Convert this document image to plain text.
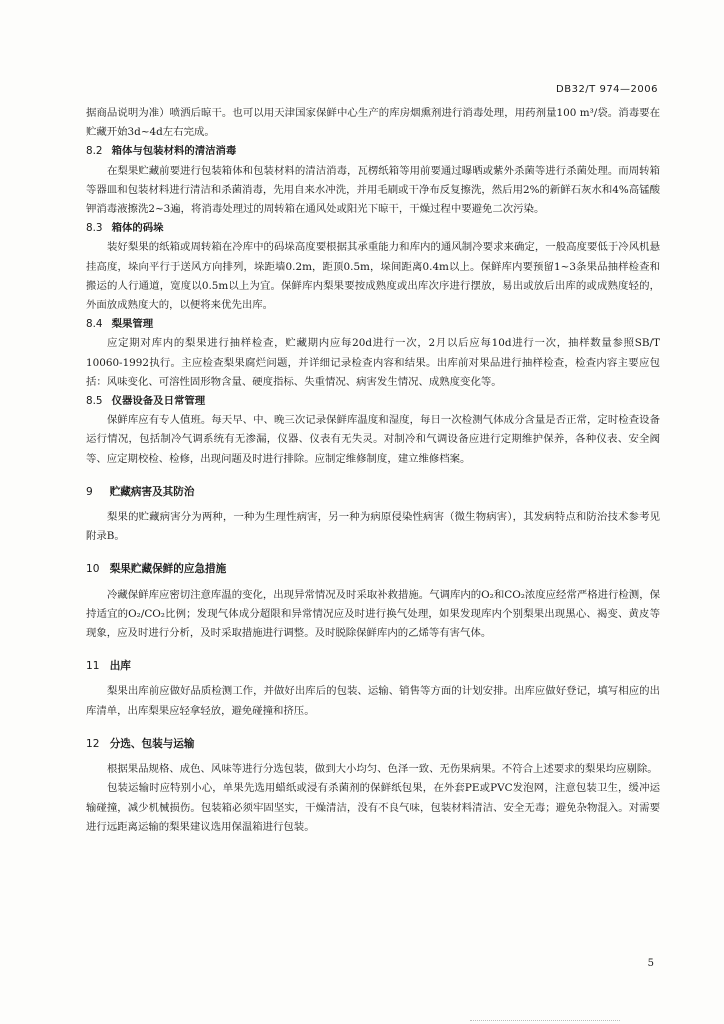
DB32/T 974—2006

据商品说明为准）喷洒后晾干。也可以用天津国家保鲜中心生产的库房烟熏剂进行消毒处理，用药剂量100 m³/袋。消毒要在贮藏开始3d~4d左右完成。

8.2 箱体与包装材料的清洁消毒

在梨果贮藏前要进行包装箱体和包装材料的清洁消毒，瓦楞纸箱等用前要通过曝晒或紫外杀菌等进行杀菌处理。而周转箱等器皿和包装材料进行清洁和杀菌消毒，先用自来水冲洗，并用毛刷或干净布反复擦洗，然后用2%的新鲜石灰水和4%高锰酸钾消毒液擦洗2~3遍，将消毒处理过的周转箱在通风处或阳光下晾干，干燥过程中要避免二次污染。

8.3 箱体的码垛

装好梨果的纸箱或周转箱在冷库中的码垛高度要根据其承重能力和库内的通风制冷要求来确定，一般高度要低于冷风机悬挂高度，垛向平行于送风方向排列，垛距墙0.2m，距顶0.5m，垛间距离0.4m以上。保鲜库内要预留1~3条果品抽样检查和搬运的人行通道，宽度以0.5m以上为宜。保鲜库内梨果要按成熟度或出库次序进行摆放，易出或放后出库的或成熟度轻的，外面放成熟度大的，以便将来优先出库。

8.4 梨果管理

应定期对库内的梨果进行抽样检查，贮藏期内应每20d进行一次，2月以后应每10d进行一次，抽样数量参照SB/T 10060-1992执行。主应检查梨果腐烂问题，并详细记录检查内容和结果。出库前对果品进行抽样检查，检查内容主要应包括：风味变化、可溶性固形物含量、硬度指标、失重情况、病害发生情况、成熟度变化等。

8.5 仪器设备及日常管理

保鲜库应有专人值班。每天早、中、晚三次记录保鲜库温度和湿度，每日一次检测气体成分含量是否正常，定时检查设备运行情况，包括制冷气调系统有无渗漏，仪器、仪表有无失灵。对制冷和气调设备应进行定期维护保养，各种仪表、安全阀等、应定期校检、检修，出现问题及时进行排除。应制定维修制度，建立维修档案。

9 贮藏病害及其防治

梨果的贮藏病害分为两种，一种为生理性病害，另一种为病原侵染性病害（微生物病害），其发病特点和防治技术参考见附录B。

10 梨果贮藏保鲜的应急措施

冷藏保鲜库应密切注意库温的变化，出现异常情况及时采取补救措施。气调库内的O₂和CO₂浓度应经常严格进行检测，保持适宜的O₂/CO₂比例；发现气体成分超限和异常情况应及时进行换气处理，如果发现库内个别梨果出现黑心、褐变、黄皮等现象，应及时进行分析，及时采取措施进行调整。及时脱除保鲜库内的乙烯等有害气体。

11 出库

梨果出库前应做好品质检测工作，并做好出库后的包装、运输、销售等方面的计划安排。出库应做好登记，填写相应的出库清单，出库梨果应轻拿轻放，避免碰撞和挤压。

12 分选、包装与运输

根据果品规格、成色、风味等进行分选包装，做到大小均匀、色泽一致、无伤果病果。不符合上述要求的梨果均应剔除。

包装运输时应特别小心，单果先选用蜡纸或浸有杀菌剂的保鲜纸包果，在外套PE或PVC发泡网，注意包装卫生，缓冲运输碰撞，减少机械损伤。包装箱必须牢固坚实，干燥清洁，没有不良气味，包装材料清洁、安全无毒；避免杂物混入。对需要进行远距离运输的梨果建议选用保温箱进行包装。

5
